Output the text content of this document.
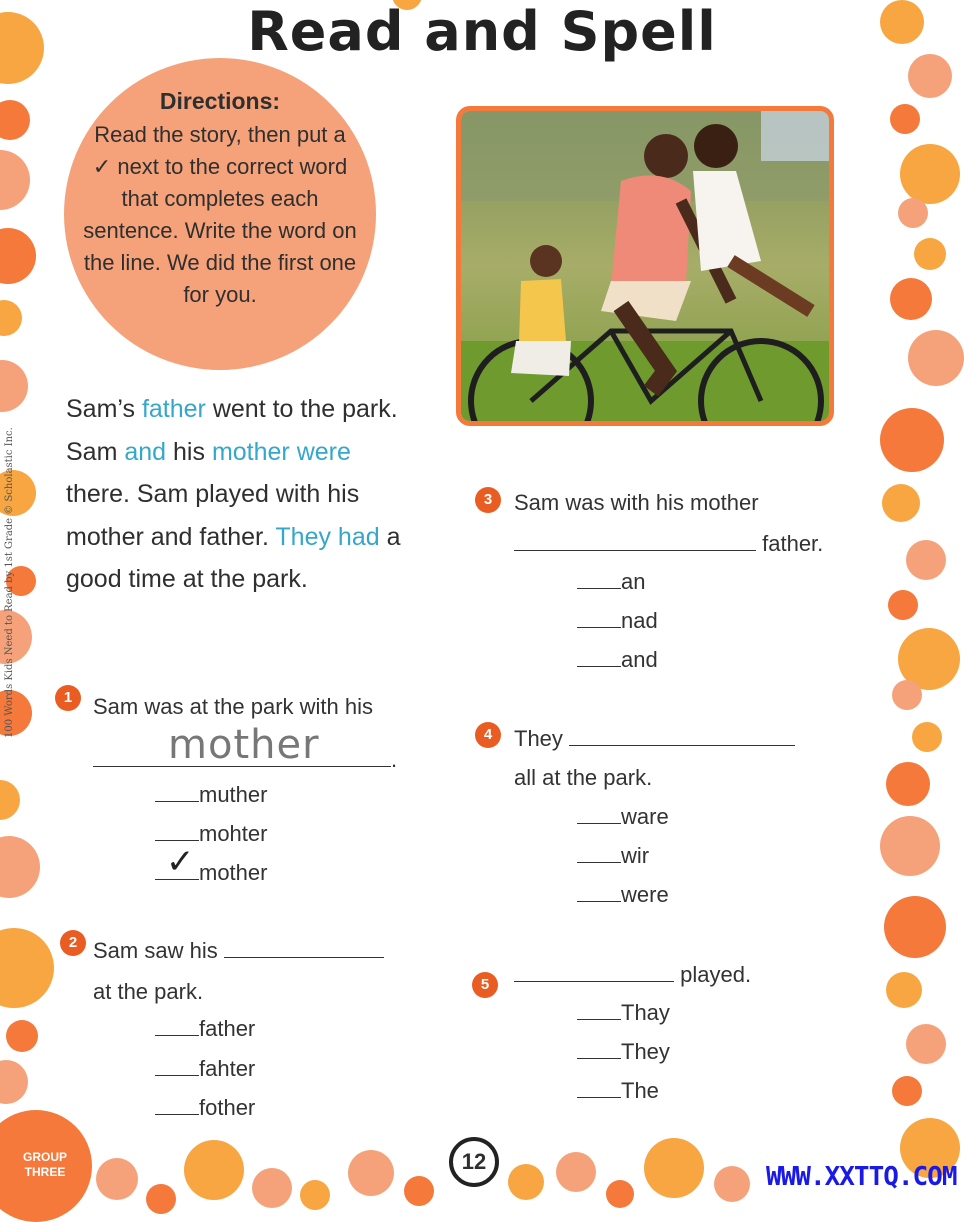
Read and Spell
Directions:
Read the story, then put a ✓ next to the correct word that completes each sentence. Write the word on the line. We did the first one for you.
Sam’s father went to the park.
Sam and his mother were
there. Sam played with his
mother and father. They had a
good time at the park.
1 Sam was at the park with his
mother	.
muther
mohter
mother
✓
2 Sam saw his
at the park.
father
fahter
fother
3 Sam was with his mother
father.
an
nad
and
4 They
all at the park.
ware
wir
were
5	played.
Thay
They
The
GROUP
THREE	12
100 Words Kids Need to Read by 1st Grade © Scholastic Inc.
WWW.XXTTQ.COM
